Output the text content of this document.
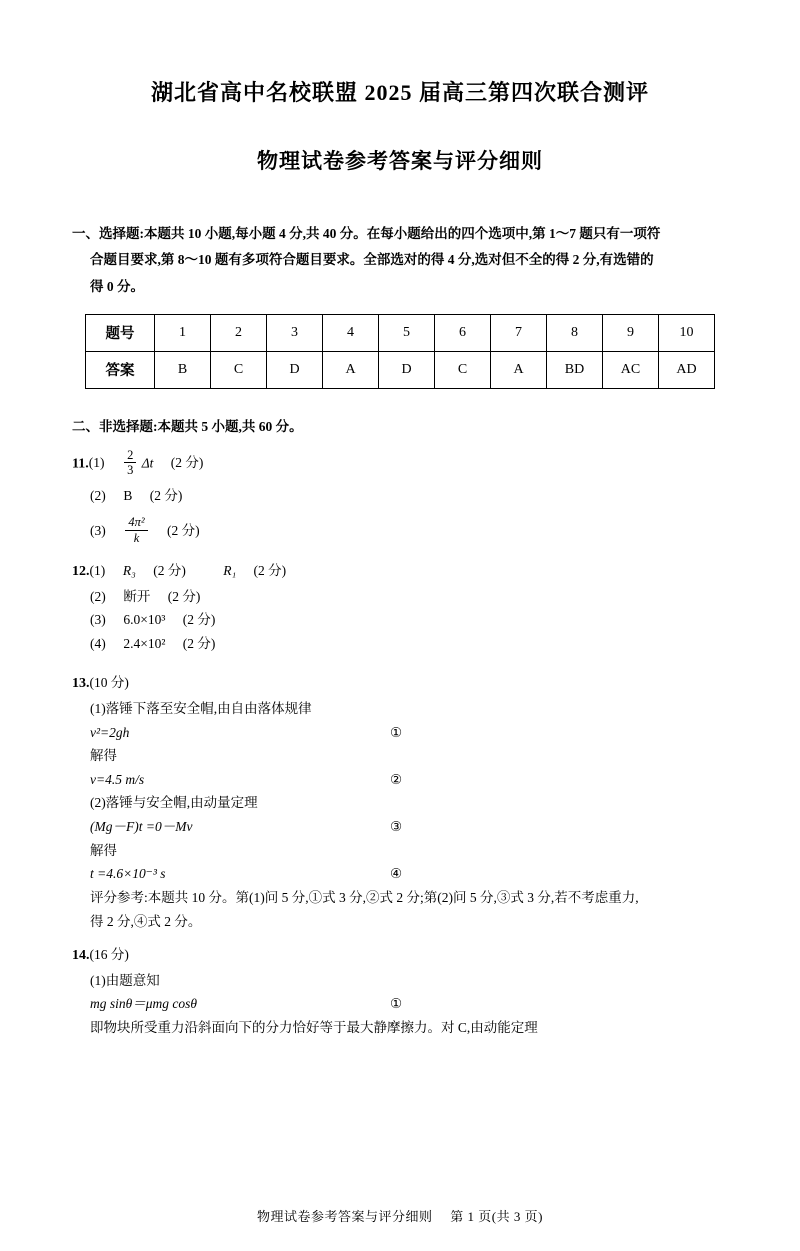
湖北省高中名校联盟 2025 届高三第四次联合测评
物理试卷参考答案与评分细则
一、选择题:本题共 10 小题,每小题 4 分,共 40 分。在每小题给出的四个选项中,第 1～7 题只有一项符
合题目要求,第 8～10 题有多项符合题目要求。全部选对的得 4 分,选对但不全的得 2 分,有选错的
得 0 分。
题号	1	2	3	4	5	6	7	8	9	10
答案	B	C	D	A	D	C	A	BD	AC	AD
二、非选择题:本题共 5 小题,共 60 分。
$11.(1) \frac{2}{3}$ Δt (2 分)
(2) B (2 分)
$(3) \frac{\text{4π²}}{k} (2$ 分)
12.(1) R₃ (2 分)	R₁ (2 分)
(2) 断开 (2 分)
(3) 6.0×10³ (2 分)
(4) 2.4×10² (2 分)
13.(10 分)
(1)落锤下落至安全帽,由自由落体规律
v²=2gh	①
解得
v=4.5 m/s	②
(2)落锤与安全帽,由动量定理
(Mg－F)t =0－Mv	③
解得
t =4.6×10⁻³ s	④
评分参考:本题共 10 分。第(1)问 5 分,①式 3 分,②式 2 分;第(2)问 5 分,③式 3 分,若不考虑重力,
得 2 分,④式 2 分。
14.(16 分)
(1)由题意知
mg sinθ＝μmg cosθ	①
即物块所受重力沿斜面向下的分力恰好等于最大静摩擦力。对 C,由动能定理
物理试卷参考答案与评分细则 第 1 页(共 3 页)
